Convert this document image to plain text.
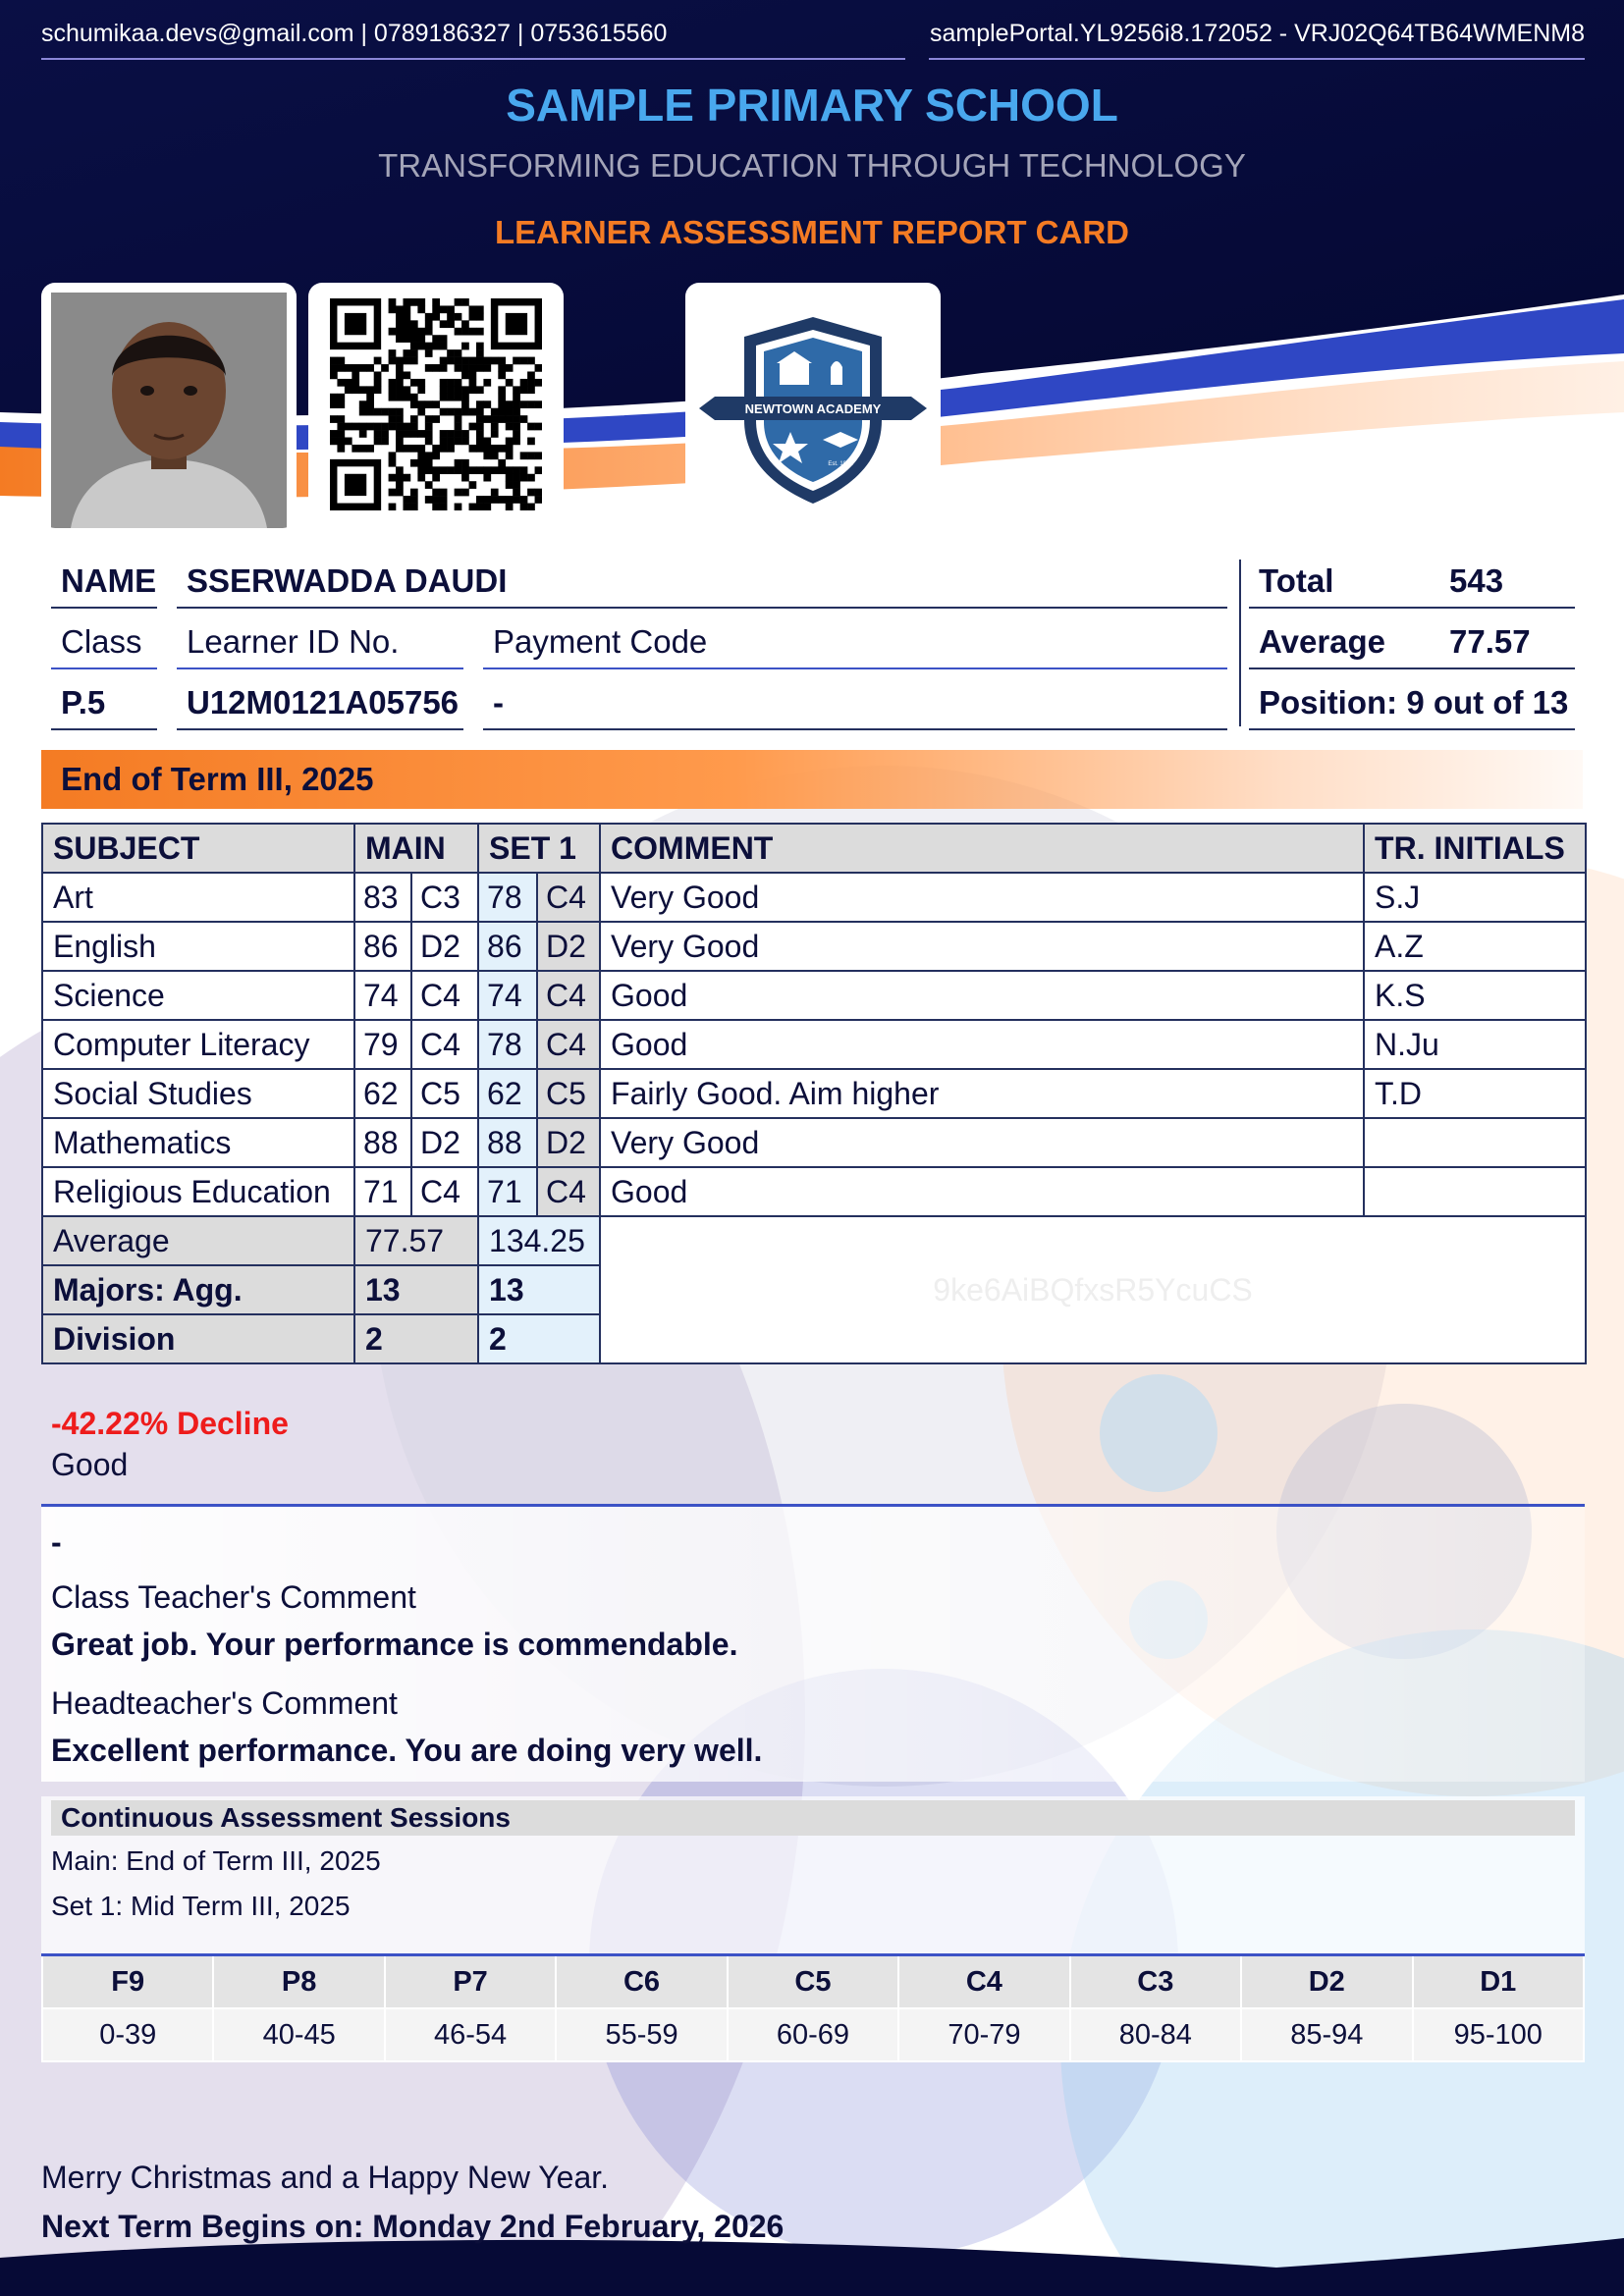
schumikaa.devs@gmail.com | 0789186327 | 0753615560	samplePortal.YL9256i8.172052 - VRJ02Q64TB64WMENM8
SAMPLE PRIMARY SCHOOL
TRANSFORMING EDUCATION THROUGH TECHNOLOGY
LEARNER ASSESSMENT REPORT CARD
NEWTOWN ACADEMY
Est. 1882
NAME SSERWADDA DAUDI
Class	Learner ID No.	Payment Code
P.5	U12M0121A05756	-
Total	543
Average	77.57
Position: 9 out of 13
End of Term III, 2025
SUBJECT	MAIN		SET 1		COMMENT	TR. INITIALS
Art	83	C3	78	C4	Very Good	S.J
English	86	D2	86	D2	Very Good	A.Z
Science	74	C4	74	C4	Good	K.S
Computer Literacy	79	C4	78	C4	Good	N.Ju
Social Studies	62	C5	62	C5	Fairly Good. Aim higher	T.D
Mathematics	88	D2	88	D2	Very Good	
Religious Education	71	C4	71	C4	Good	
Average	77.57		134.25		9ke6AiBQfxsR5YcuCS	
Majors: Agg.	13		13			
Division	2		2			
-42.22% Decline
Good
-
Class Teacher's Comment
Great job. Your performance is commendable.
Headteacher's Comment
Excellent performance. You are doing very well.
Continuous Assessment Sessions
Main: End of Term III, 2025
Set 1: Mid Term III, 2025
F9	P8	P7	C6	C5	C4	C3	D2	D1
0-39	40-45	46-54	55-59	60-69	70-79	80-84	85-94	95-100
Merry Christmas and a Happy New Year.
Next Term Begins on: Monday 2nd February, 2026
